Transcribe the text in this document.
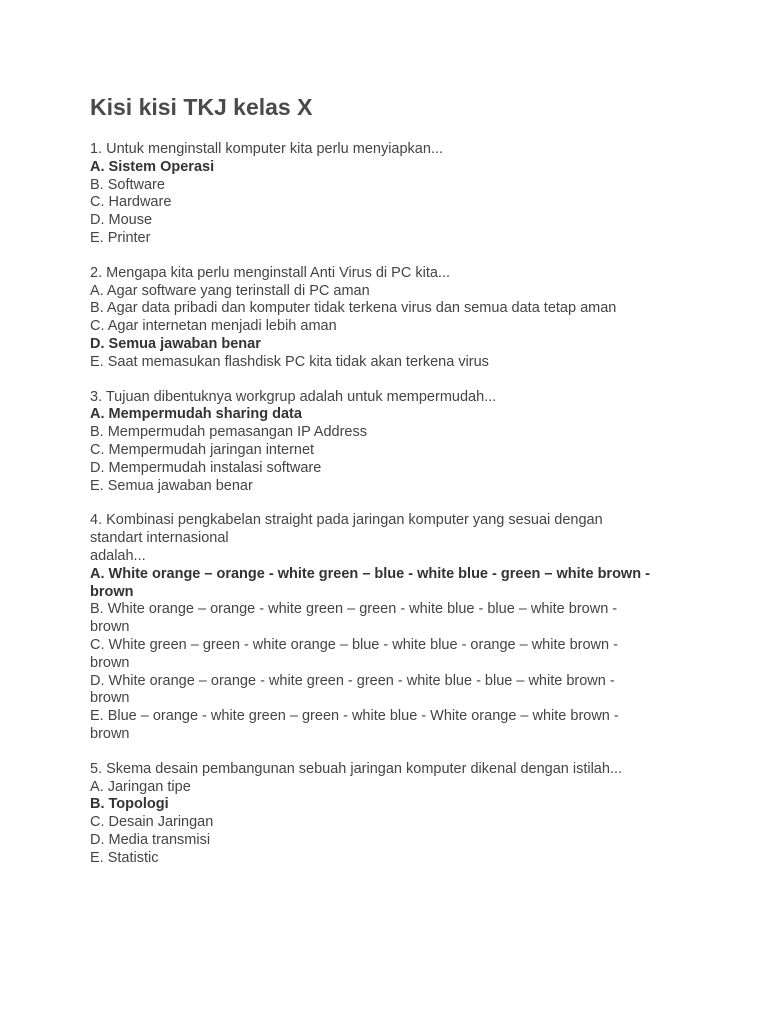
Kisi kisi TKJ kelas X

1. Untuk menginstall komputer kita perlu menyiapkan...

A. Sistem Operasi

B. Software

C. Hardware

D. Mouse

E. Printer

2. Mengapa kita perlu menginstall Anti Virus di PC kita...

A. Agar software yang terinstall di PC aman

B. Agar data pribadi dan komputer tidak terkena virus dan semua data tetap aman

C. Agar internetan menjadi lebih aman

D. Semua jawaban benar

E. Saat memasukan flashdisk PC kita tidak akan terkena virus

3. Tujuan dibentuknya workgrup adalah untuk mempermudah...

A. Mempermudah sharing data

B. Mempermudah pemasangan IP Address

C. Mempermudah jaringan internet

D. Mempermudah instalasi software

E. Semua jawaban benar

4. Kombinasi pengkabelan straight pada jaringan komputer yang sesuai dengan

standart internasional

adalah...

A. White orange – orange - white green – blue - white blue - green – white brown -
brown

B. White orange – orange - white green – green - white blue - blue – white brown -
brown

C. White green – green - white orange – blue - white blue - orange – white brown -
brown

D. White orange – orange - white green - green - white blue - blue – white brown -
brown

E. Blue – orange - white green – green - white blue - White orange – white brown -
brown

5. Skema desain pembangunan sebuah jaringan komputer dikenal dengan istilah...

A. Jaringan tipe

B. Topologi

C. Desain Jaringan

D. Media transmisi

E. Statistic
